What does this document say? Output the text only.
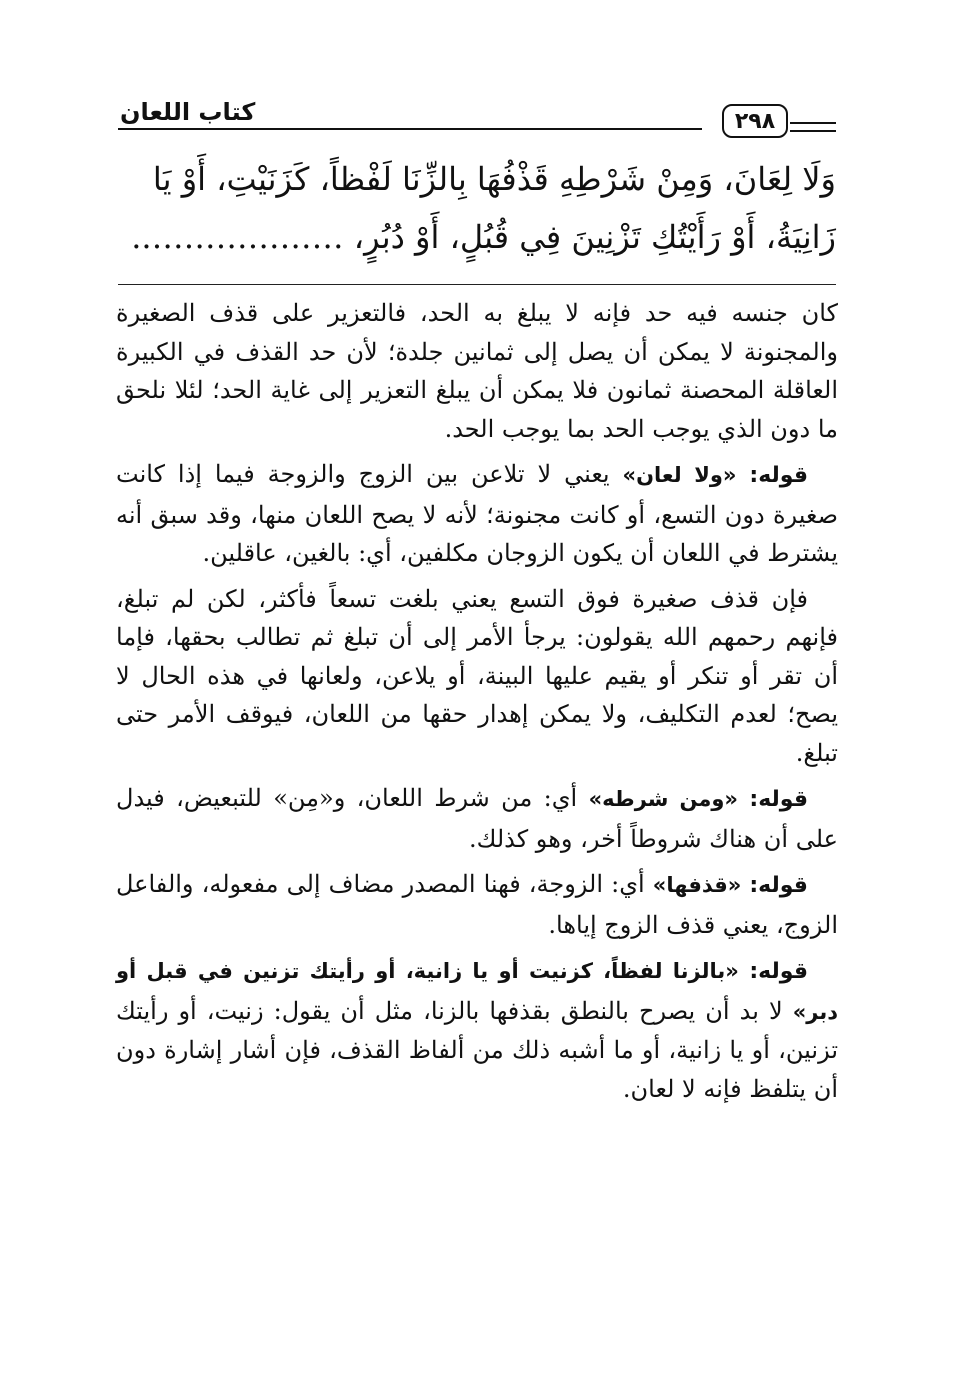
كتاب اللعان	٢٩٨
وَلَا لِعَانَ، وَمِنْ شَرْطِهِ قَذْفُهَا بِالزِّنَا لَفْظاً، كَزَنَيْتِ، أَوْ يَا
زَانِيَةُ، أَوْ رَأَيْتُكِ تَزْنِينَ فِي قُبُلٍ، أَوْ دُبُرٍ، ………………..

كان جنسه فيه حد فإنه لا يبلغ به الحد، فالتعزير على قذف الصغيرة والمجنونة لا يمكن أن يصل إلى ثمانين جلدة؛ لأن حد القذف في الكبيرة العاقلة المحصنة ثمانون فلا يمكن أن يبلغ التعزير إلى غاية الحد؛ لئلا نلحق ما دون الذي يوجب الحد بما يوجب الحد.

قوله: «ولا لعان» يعني لا تلاعن بين الزوج والزوجة فيما إذا كانت صغيرة دون التسع، أو كانت مجنونة؛ لأنه لا يصح اللعان منها، وقد سبق أنه يشترط في اللعان أن يكون الزوجان مكلفين، أي: بالغين، عاقلين.

فإن قذف صغيرة فوق التسع يعني بلغت تسعاً فأكثر، لكن لم تبلغ، فإنهم رحمهم الله يقولون: يرجأ الأمر إلى أن تبلغ ثم تطالب بحقها، فإما أن تقر أو تنكر أو يقيم عليها البينة، أو يلاعن، ولعانها في هذه الحال لا يصح؛ لعدم التكليف، ولا يمكن إهدار حقها من اللعان، فيوقف الأمر حتى تبلغ.

قوله: «ومن شرطه» أي: من شرط اللعان، و«مِن» للتبعيض، فيدل على أن هناك شروطاً أخر، وهو كذلك.

قوله: «قذفها» أي: الزوجة، فهنا المصدر مضاف إلى مفعوله، والفاعل الزوج، يعني قذف الزوج إياها.

قوله: «بالزنا لفظاً، كزنيت أو يا زانية، أو رأيتك تزنين في قبل أو دبر» لا بد أن يصرح بالنطق بقذفها بالزنا، مثل أن يقول: زنيت، أو رأيتك تزنين، أو يا زانية، أو ما أشبه ذلك من ألفاظ القذف، فإن أشار إشارة دون أن يتلفظ فإنه لا لعان.
